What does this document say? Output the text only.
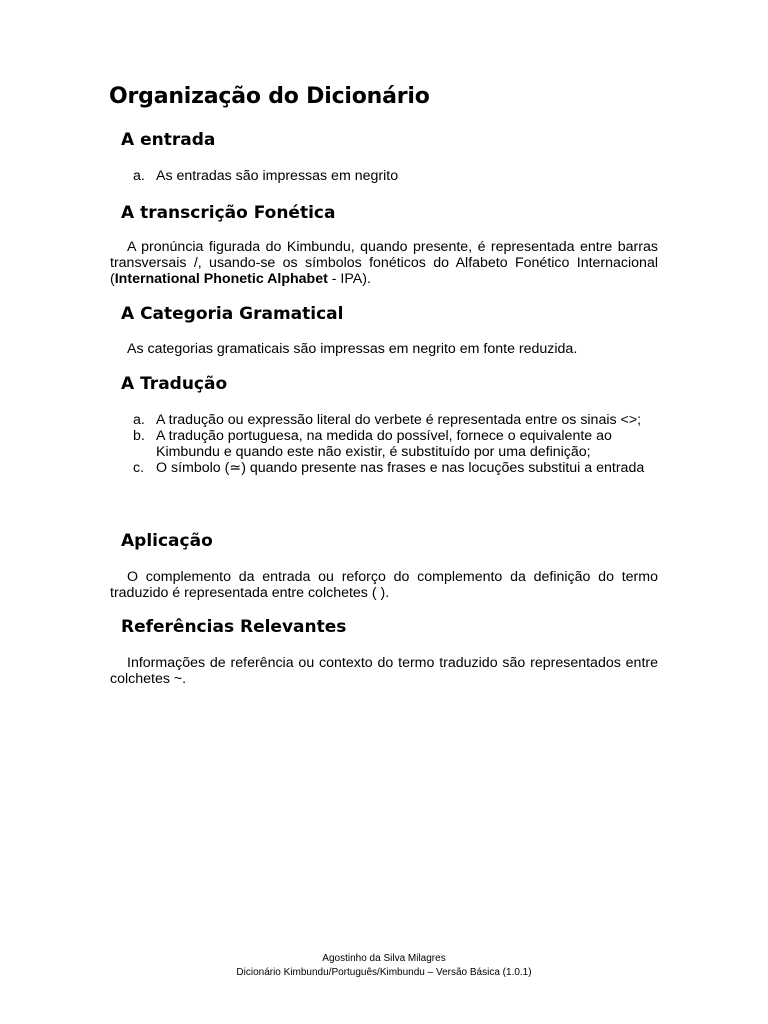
Organização do Dicionário
A entrada
a. As entradas são impressas em negrito
A transcrição Fonética

A pronúncia figurada do Kimbundu, quando presente, é representada entre barras transversais /, usando-se os símbolos fonéticos do Alfabeto Fonético Internacional (International Phonetic Alphabet - IPA).

A Categoria Gramatical

As categorias gramaticais são impressas em negrito em fonte reduzida.

A Tradução
a. A tradução ou expressão literal do verbete é representada entre os sinais <>;
b. A tradução portuguesa, na medida do possível, fornece o equivalente ao Kimbundu e quando este não existir, é substituído por uma definição;
c. O símbolo (≃) quando presente nas frases e nas locuções substitui a entrada
Aplicação

O complemento da entrada ou reforço do complemento da definição do termo traduzido é representada entre colchetes ( ).

Referências Relevantes

Informações de referência ou contexto do termo traduzido são representados entre colchetes ~.

Agostinho da Silva Milagres
Dicionário Kimbundu/Português/Kimbundu – Versão Básica (1.0.1)
